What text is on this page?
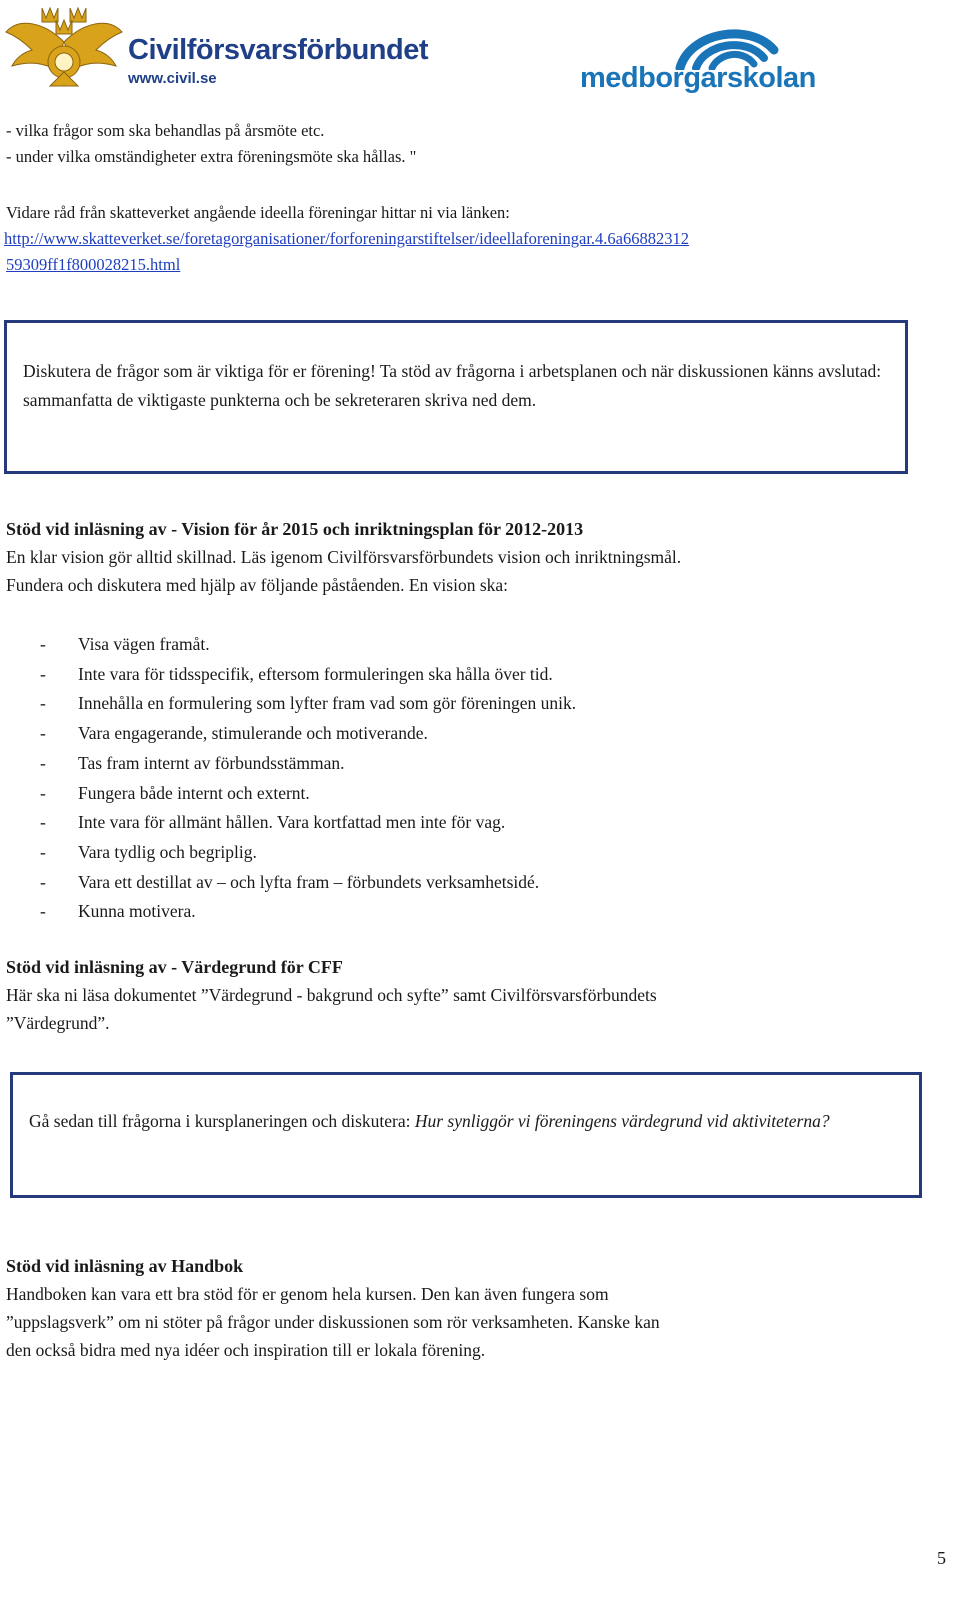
Civilförsvarsförbundet
www.civil.se	medborgarskolan

- vilka frågor som ska behandlas på årsmöte etc.

- under vilka omständigheter extra föreningsmöte ska hållas. "

Vidare råd från skatteverket angående ideella föreningar hittar ni via länken:

http://www.skatteverket.se/foretagorganisationer/forforeningarstiftelser/ideellaforeningar.4.6a66882312

59309ff1f800028215.html

Diskutera de frågor som är viktiga för er förening! Ta stöd av frågorna i arbetsplanen och när diskussionen känns avslutad: sammanfatta de viktigaste punkterna och be sekreteraren skriva ned dem.

Stöd vid inläsning av - Vision för år 2015 och inriktningsplan för 2012-2013

En klar vision gör alltid skillnad. Läs igenom Civilförsvarsförbundets vision och inriktningsmål.

Fundera och diskutera med hjälp av följande påståenden. En vision ska:

- Visa vägen framåt.
- Inte vara för tidsspecifik, eftersom formuleringen ska hålla över tid.
- Innehålla en formulering som lyfter fram vad som gör föreningen unik.
- Vara engagerande, stimulerande och motiverande.
- Tas fram internt av förbundsstämman.
- Fungera både internt och externt.
- Inte vara för allmänt hållen. Vara kortfattad men inte för vag.
- Vara tydlig och begriplig.
- Vara ett destillat av – och lyfta fram – förbundets verksamhetsidé.
- Kunna motivera.

Stöd vid inläsning av - Värdegrund för CFF

Här ska ni läsa dokumentet ”Värdegrund - bakgrund och syfte” samt Civilförsvarsförbundets

”Värdegrund”.

Gå sedan till frågorna i kursplaneringen och diskutera: Hur synliggör vi föreningens värdegrund vid aktiviteterna?

Stöd vid inläsning av Handbok

Handboken kan vara ett bra stöd för er genom hela kursen. Den kan även fungera som

”uppslagsverk” om ni stöter på frågor under diskussionen som rör verksamheten. Kanske kan

den också bidra med nya idéer och inspiration till er lokala förening.

5
